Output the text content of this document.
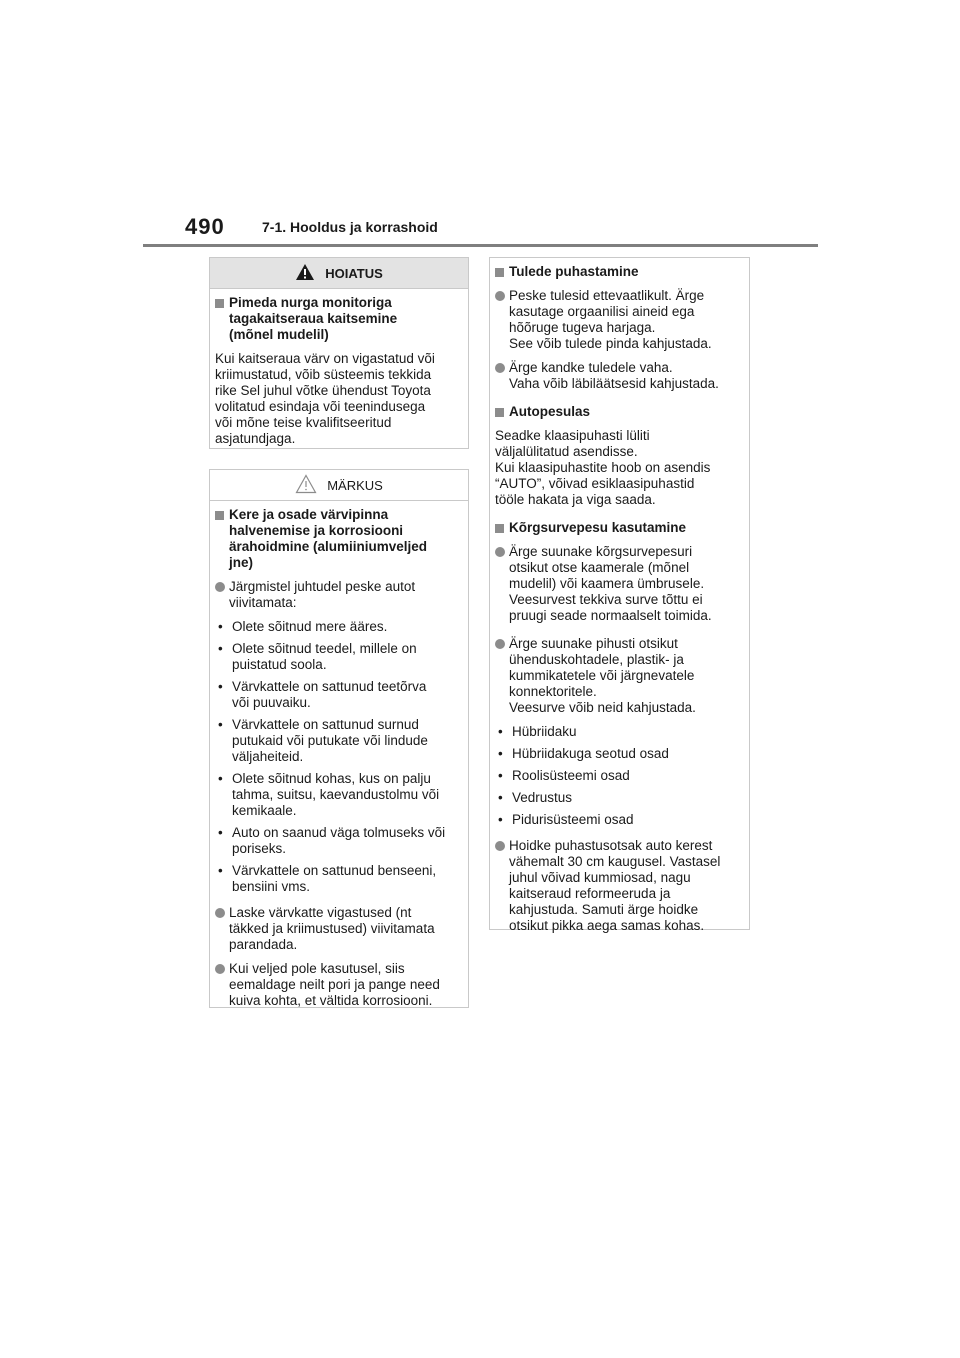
490	7-1. Hooldus ja korrashoid
HOIATUS
Pimeda nurga monitoriga
tagakaitseraua kaitsemine
(mõnel mudelil)
Kui kaitseraua värv on vigastatud või
kriimustatud, võib süsteemis tekkida
rike Sel juhul võtke ühendust Toyota
volitatud esindaja või teenindusega
või mõne teise kvalifitseeritud
asjatundjaga.
MÄRKUS
Kere ja osade värvipinna
halvenemise ja korrosiooni
ärahoidmine (alumiiniumveljed
jne)
Järgmistel juhtudel peske autot
viivitamata:
• Olete sõitnud mere ääres.
• Olete sõitnud teedel, millele on
puistatud soola.
• Värvkattele on sattunud teetõrva
või puuvaiku.
• Värvkattele on sattunud surnud
putukaid või putukate või lindude
väljaheiteid.
• Olete sõitnud kohas, kus on palju
tahma, suitsu, kaevandustolmu või
kemikaale.
• Auto on saanud väga tolmuseks või
poriseks.
• Värvkattele on sattunud benseeni,
bensiini vms.
Laske värvkatte vigastused (nt
täkked ja kriimustused) viivitamata
parandada.
Kui veljed pole kasutusel, siis
eemaldage neilt pori ja pange need
kuiva kohta, et vältida korrosiooni.
Tulede puhastamine
Peske tulesid ettevaatlikult. Ärge
kasutage orgaanilisi aineid ega
hõõruge tugeva harjaga.
See võib tulede pinda kahjustada.
Ärge kandke tuledele vaha.
Vaha võib läbiläätsesid kahjustada.
Autopesulas
Seadke klaasipuhasti lüliti
väljalülitatud asendisse.
Kui klaasipuhastite hoob on asendis
“AUTO”, võivad esiklaasipuhastid
tööle hakata ja viga saada.
Kõrgsurvepesu kasutamine
Ärge suunake kõrgsurvepesuri
otsikut otse kaamerale (mõnel
mudelil) või kaamera ümbrusele.
Veesurvest tekkiva surve tõttu ei
pruugi seade normaalselt toimida.
Ärge suunake pihusti otsikut
ühenduskohtadele, plastik- ja
kummikatetele või järgnevatele
konnektoritele.
Veesurve võib neid kahjustada.
• Hübriidaku
• Hübriidakuga seotud osad
• Roolisüsteemi osad
• Vedrustus
• Pidurisüsteemi osad
Hoidke puhastusotsak auto kerest
vähemalt 30 cm kaugusel. Vastasel
juhul võivad kummiosad, nagu
kaitseraud reformeeruda ja
kahjustuda. Samuti ärge hoidke
otsikut pikka aega samas kohas.
